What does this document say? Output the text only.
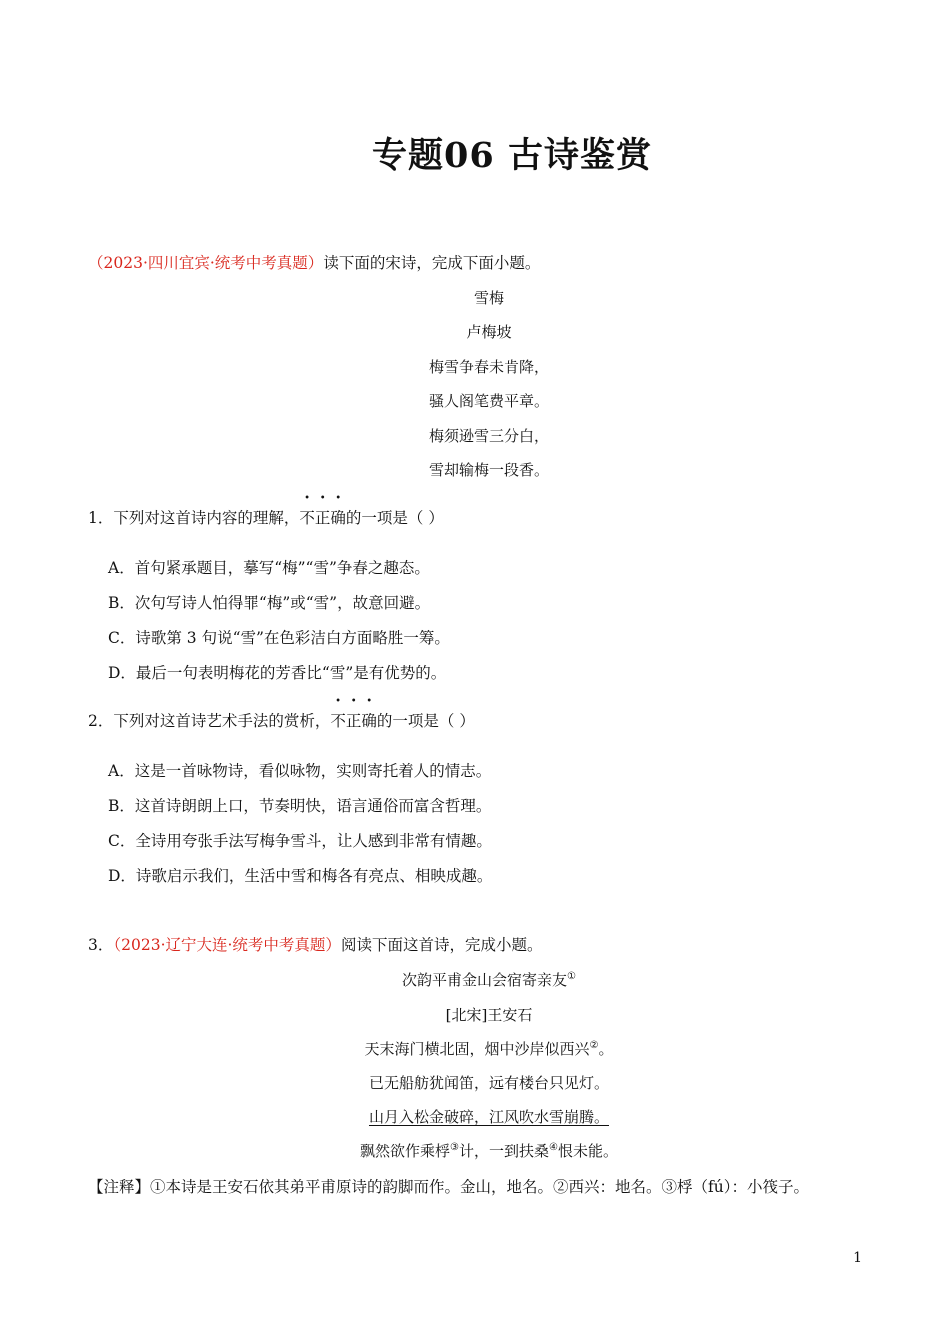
专题06 古诗鉴赏
（2023·四川宜宾·统考中考真题）读下面的宋诗，完成下面小题。
雪梅
卢梅坡
梅雪争春未肯降，
骚人阁笔费平章。
梅须逊雪三分白，
雪却输梅一段香。
1．下列对这首诗内容的理解，不正确的一项是（ ）
A．首句紧承题目，摹写“梅”“雪”争春之趣态。
B．次句写诗人怕得罪“梅”或“雪”，故意回避。
C．诗歌第 3 句说“雪”在色彩洁白方面略胜一筹。
D．最后一句表明梅花的芳香比“雪”是有优势的。
2．下列对这首诗艺术手法的赏析，不正确的一项是（ ）
A．这是一首咏物诗，看似咏物，实则寄托着人的情志。
B．这首诗朗朗上口，节奏明快，语言通俗而富含哲理。
C．全诗用夸张手法写梅争雪斗，让人感到非常有情趣。
D．诗歌启示我们，生活中雪和梅各有亮点、相映成趣。
3．（2023·辽宁大连·统考中考真题）阅读下面这首诗，完成小题。
次韵平甫金山会宿寄亲友①
[北宋]王安石
天末海门横北固，烟中沙岸似西兴②。
已无船舫犹闻笛，远有楼台只见灯。
山月入松金破碎，江风吹水雪崩腾。
飘然欲作乘桴③计，一到扶桑④恨未能。
【注释】①本诗是王安石依其弟平甫原诗的韵脚而作。金山，地名。②西兴：地名。③桴（fú）：小筏子。
1
